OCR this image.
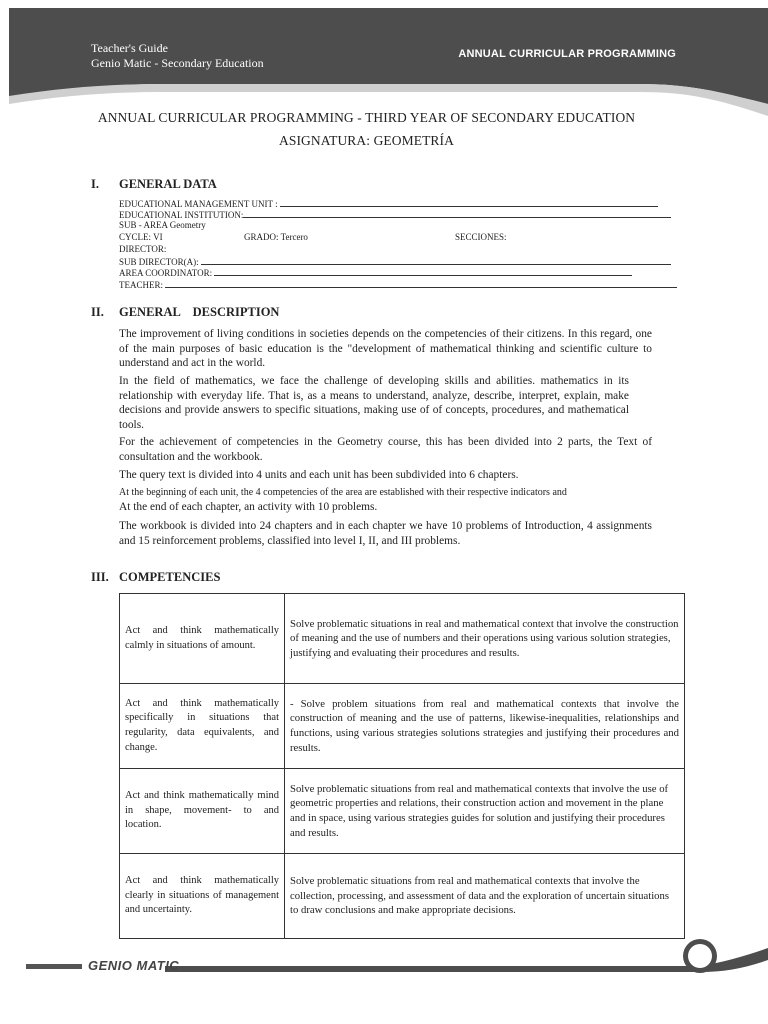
Teacher's Guide
Genio Matic - Secondary Education
ANNUAL CURRICULAR PROGRAMMING
ANNUAL CURRICULAR PROGRAMMING - THIRD YEAR OF SECONDARY EDUCATION
ASIGNATURA: GEOMETRÍA
I. GENERAL DATA
EDUCATIONAL MANAGEMENT UNIT :
EDUCATIONAL INSTITUTION:
SUB - AREA Geometry
CYCLE: VI	GRADO: Tercero	SECCIONES:
DIRECTOR:
SUB DIRECTOR(A):
AREA COORDINATOR:
TEACHER:
II. GENERAL    DESCRIPTION
The improvement of living conditions in societies depends on the competencies of their citizens. In this regard, one of the main purposes of basic education is the "development of mathematical thinking and scientific culture to understand and act in the world.
In the field of mathematics, we face the challenge of developing skills and abilities. mathematics in its relationship with everyday life. That is, as a means to understand, analyze, describe, interpret, explain, make decisions and provide answers to specific situations, making use of of concepts, procedures, and mathematical tools.
For the achievement of competencies in the Geometry course, this has been divided into 2 parts, the Text of consultation and the workbook.
The query text is divided into 4 units and each unit has been subdivided into 6 chapters.
At the beginning of each unit, the 4 competencies of the area are established with their respective indicators and
At the end of each chapter, an activity with 10 problems.
The workbook is divided into 24 chapters and in each chapter we have 10 problems of Introduction, 4 assignments and 15 reinforcement problems, classified into level I, II, and III problems.
III. COMPETENCIES
Act and think mathematically calmly in situations of amount.	Solve problematic situations in real and mathematical context that involve the construction of meaning and the use of numbers and their operations using various solution strategies, justifying and evaluating their procedures and results.
Act and think mathematically specifically in situations that regularity, data equivalents, and change.	- Solve problem situations from real and mathematical contexts that involve the construction of meaning and the use of patterns, likewise-inequalities, relationships and functions, using various strategies solutions strategies and justifying their procedures and results.
Act and think mathematically mind in shape, movement- to and location.	Solve problematic situations from real and mathematical contexts that involve the use of geometric properties and relations, their construction action and movement in the plane and in space, using various strategies guides for solution and justifying their procedures and results.
Act and think mathematically clearly in situations of management and uncertainty.	Solve problematic situations from real and mathematical contexts that involve the collection, processing, and assessment of data and the exploration of uncertain situations to draw conclusions and make appropriate decisions.
GENIO MATIC
